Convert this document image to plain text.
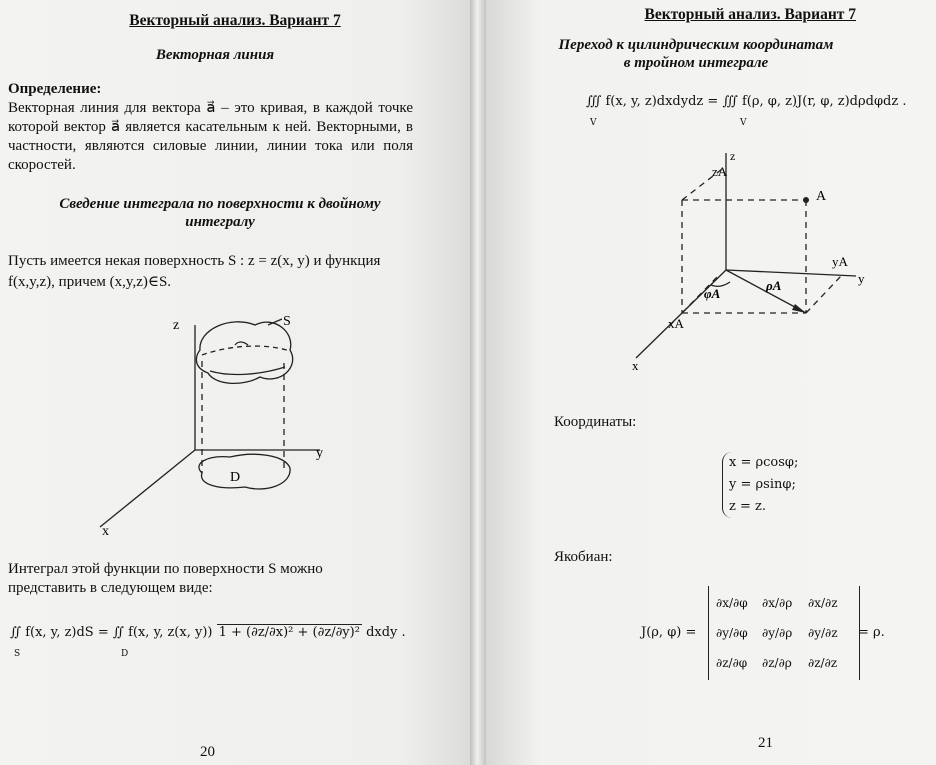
Векторный анализ. Вариант 7
Векторная линия
Определение:
Векторная линия для вектора a⃗ – это кривая, в каждой точке которой вектор a⃗ является касательным к ней. Векторными, в частности, являются силовые линии, линии тока или поля скоростей.
Сведение интеграла по поверхности к двойному
интегралу
Пусть имеется некая поверхность S : z = z(x, y) и функция
f(x,y,z), причем (x,y,z)∈S.
z
y
x
S
D
Интеграл этой функции по поверхности S можно
представить в следующем виде:
∬ f(x, y, z)dS = ∬ f(x, y, z(x, y)) 1 + (∂z/∂x)² + (∂z/∂y)² dxdy .
S	D
20
Векторный анализ. Вариант 7
Переход к цилиндрическим координатам
в тройном интеграле
∭ f(x, y, z)dxdydz = ∭ f(ρ, φ, z)J(r, φ, z)dρdφdz .
V	V
z
zA
A
yA
y
φA
ρA
xA
x
Координаты:
x = ρcosφ;
y = ρsinφ;
z = z.
Якобиан:
J(ρ, φ) =
∂x/∂φ	∂x/∂ρ	∂x/∂z
∂y/∂φ	∂y/∂ρ	∂y/∂z
∂z/∂φ	∂z/∂ρ	∂z/∂z
= ρ.
21
